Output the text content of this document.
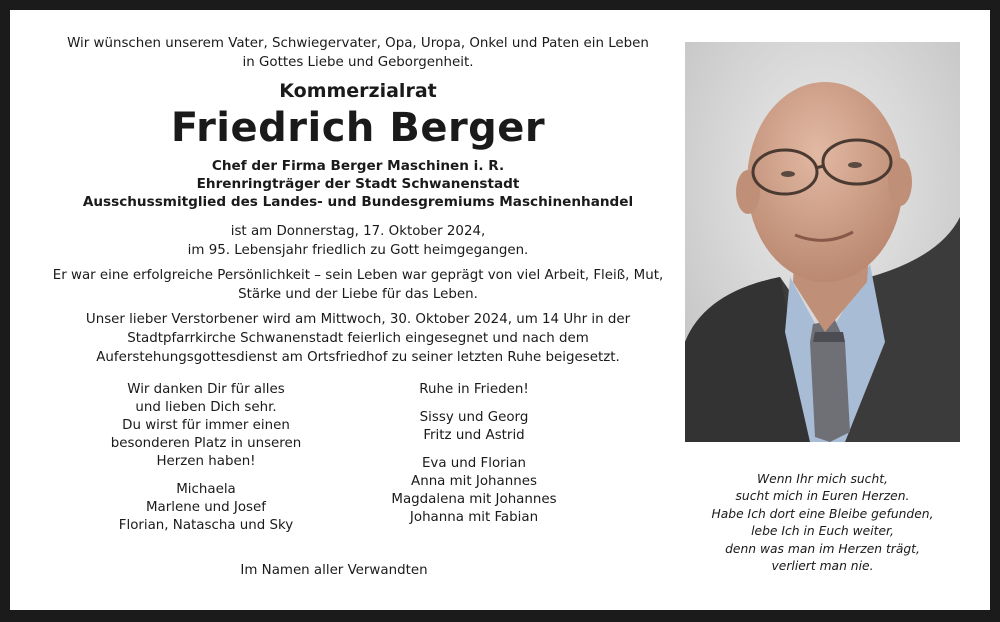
Wir wünschen unserem Vater, Schwiegervater, Opa, Uropa, Onkel und Paten ein Leben
in Gottes Liebe und Geborgenheit.

Kommerzialrat

Friedrich Berger

Chef der Firma Berger Maschinen i. R.
Ehrenringträger der Stadt Schwanenstadt
Ausschussmitglied des Landes- und Bundesgremiums Maschinenhandel

ist am Donnerstag, 17. Oktober 2024,
im 95. Lebensjahr friedlich zu Gott heimgegangen.

Er war eine erfolgreiche Persönlichkeit – sein Leben war geprägt von viel Arbeit, Fleiß, Mut,
Stärke und der Liebe für das Leben.

Unser lieber Verstorbener wird am Mittwoch, 30. Oktober 2024, um 14 Uhr in der
Stadtpfarrkirche Schwanenstadt feierlich eingesegnet und nach dem
Auferstehungsgottesdienst am Ortsfriedhof zu seiner letzten Ruhe beigesetzt.

Wir danken Dir für alles
und lieben Dich sehr.
Du wirst für immer einen
besonderen Platz in unseren
Herzen haben!

Michaela
Marlene und Josef
Florian, Natascha und Sky

Ruhe in Frieden!

Sissy und Georg
Fritz und Astrid

Eva und Florian
Anna mit Johannes
Magdalena mit Johannes
Johanna mit Fabian

Im Namen aller Verwandten
Wenn Ihr mich sucht,
sucht mich in Euren Herzen.
Habe Ich dort eine Bleibe gefunden,
lebe Ich in Euch weiter,
denn was man im Herzen trägt,
verliert man nie.
